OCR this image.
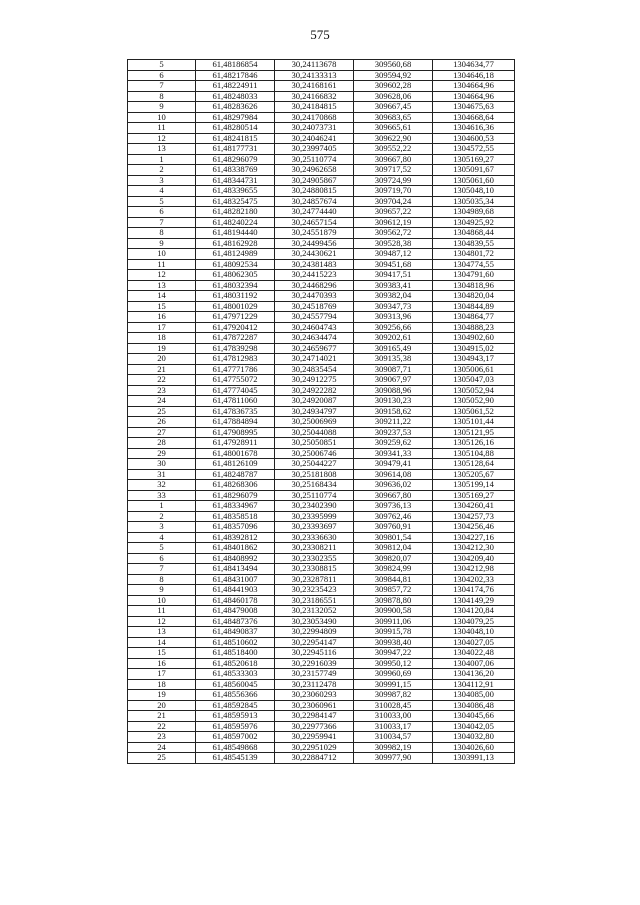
575
5	61,48186854	30,24113678	309560,68	1304634,77
6	61,48217846	30,24133313	309594,92	1304646,18
7	61,48224911	30,24168161	309602,28	1304664,96
8	61,48248033	30,24166832	309628,06	1304664,96
9	61,48283626	30,24184815	309667,45	1304675,63
10	61,48297984	30,24170868	309683,65	1304668,64
11	61,48280514	30,24073731	309665,61	1304616,36
12	61,48241815	30,24046241	309622,90	1304600,53
13	61,48177731	30,23997405	309552,22	1304572,55
1	61,48296079	30,25110774	309667,80	1305169,27
2	61,48338769	30,24962658	309717,52	1305091,67
3	61,48344731	30,24905867	309724,99	1305061,60
4	61,48339655	30,24880815	309719,70	1305048,10
5	61,48325475	30,24857674	309704,24	1305035,34
6	61,48282180	30,24774440	309657,22	1304989,68
7	61,48240224	30,24657154	309612,19	1304925,92
8	61,48194440	30,24551879	309562,72	1304868,44
9	61,48162928	30,24499456	309528,38	1304839,55
10	61,48124989	30,24430621	309487,12	1304801,72
11	61,48092534	30,24381483	309451,68	1304774,55
12	61,48062305	30,24415223	309417,51	1304791,60
13	61,48032394	30,24468296	309383,41	1304818,96
14	61,48031192	30,24470393	309382,04	1304820,04
15	61,48001029	30,24518769	309347,73	1304844,89
16	61,47971229	30,24557794	309313,96	1304864,77
17	61,47920412	30,24604743	309256,66	1304888,23
18	61,47872287	30,24634474	309202,61	1304902,60
19	61,47839298	30,24659677	309165,49	1304915,02
20	61,47812983	30,24714021	309135,38	1304943,17
21	61,47771786	30,24835454	309087,71	1305006,61
22	61,47755072	30,24912275	309067,97	1305047,03
23	61,47774045	30,24922282	309088,96	1305052,94
24	61,47811060	30,24920087	309130,23	1305052,90
25	61,47836735	30,24934797	309158,62	1305061,52
26	61,47884894	30,25006969	309211,22	1305101,44
27	61,47908995	30,25044088	309237,53	1305121,95
28	61,47928911	30,25050851	309259,62	1305126,16
29	61,48001678	30,25006746	309341,33	1305104,88
30	61,48126109	30,25044227	309479,41	1305128,64
31	61,48248787	30,25181808	309614,08	1305205,67
32	61,48268306	30,25168434	309636,02	1305199,14
33	61,48296079	30,25110774	309667,80	1305169,27
1	61,48334967	30,23402390	309736,13	1304260,41
2	61,48358518	30,23395999	309762,46	1304257,73
3	61,48357096	30,23393697	309760,91	1304256,46
4	61,48392812	30,23336630	309801,54	1304227,16
5	61,48401862	30,23308211	309812,04	1304212,30
6	61,48408992	30,23302355	309820,07	1304209,40
7	61,48413494	30,23308815	309824,99	1304212,98
8	61,48431007	30,23287811	309844,81	1304202,33
9	61,48441903	30,23235423	309857,72	1304174,76
10	61,48460178	30,23186551	309878,80	1304149,29
11	61,48479008	30,23132052	309900,58	1304120,84
12	61,48487376	30,23053490	309911,06	1304079,25
13	61,48490837	30,22994809	309915,78	1304048,10
14	61,48510602	30,22954147	309938,40	1304027,05
15	61,48518400	30,22945116	309947,22	1304022,48
16	61,48520618	30,22916039	309950,12	1304007,06
17	61,48533303	30,23157749	309960,69	1304136,20
18	61,48560045	30,23112478	309991,15	1304112,91
19	61,48556366	30,23060293	309987,82	1304085,00
20	61,48592845	30,23060961	310028,45	1304086,48
21	61,48595913	30,22984147	310033,00	1304045,66
22	61,48595976	30,22977366	310033,17	1304042,05
23	61,48597002	30,22959941	310034,57	1304032,80
24	61,48549868	30,22951029	309982,19	1304026,60
25	61,48545139	30,22884712	309977,90	1303991,13
